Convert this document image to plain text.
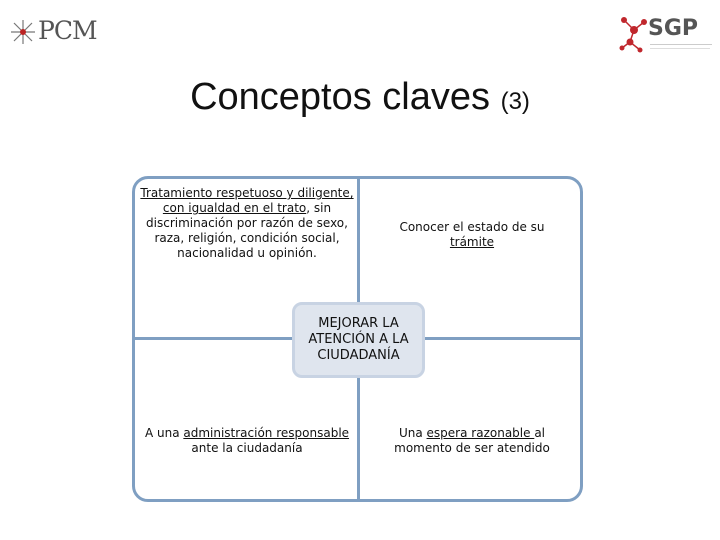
PCM
	SGP
Conceptos claves (3)
Tratamiento respetuoso y diligente, con igualdad en el trato, sin discriminación por razón de sexo, raza, religión, condición social, nacionalidad u opinión.
Conocer el estado de su trámite
A una administración responsable ante la ciudadanía
Una espera razonable al momento de ser atendido
MEJORAR LA ATENCIÓN A LA CIUDADANÍA
